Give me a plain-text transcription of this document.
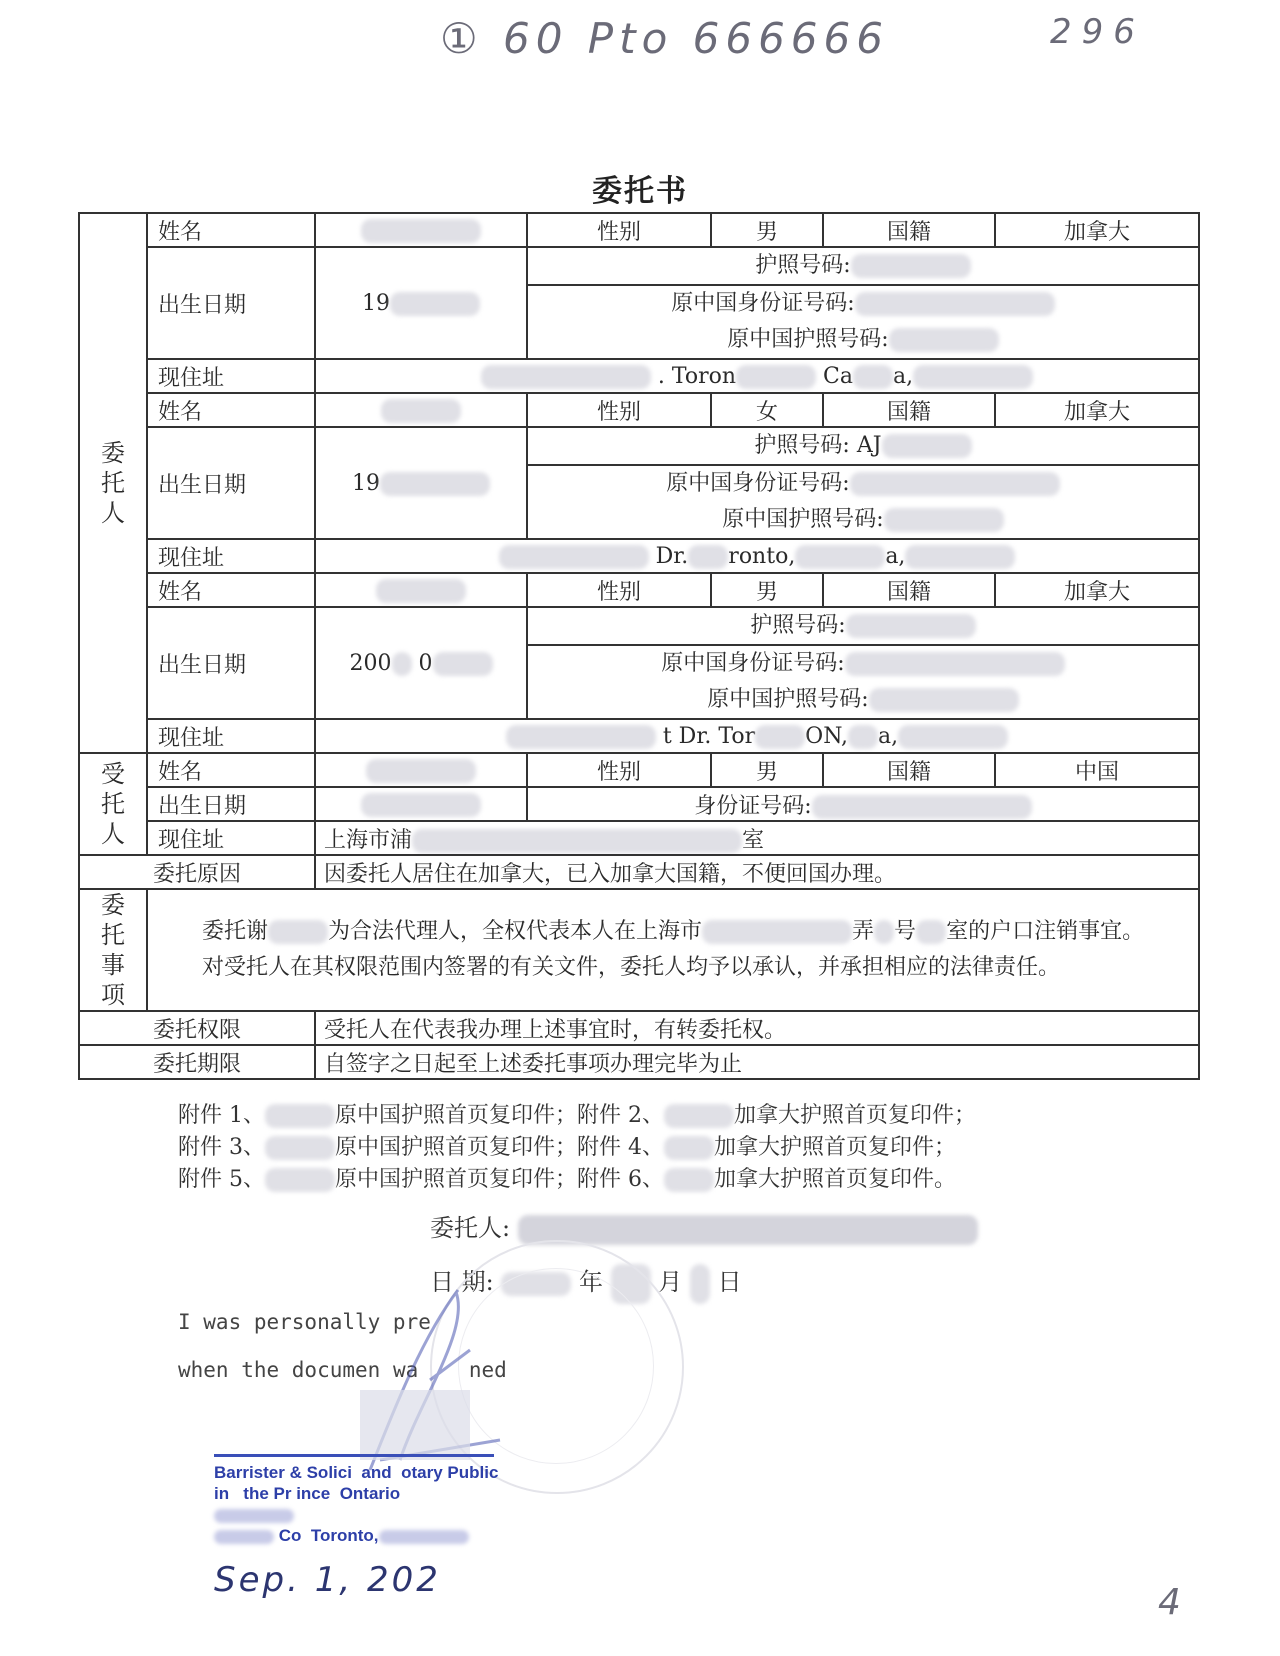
① 60 Pto 666666	296
委托书
委托人	姓名		性别	男	国籍	加拿大
	出生日期	19	护照号码:			
			原中国身份证号码:			
			原中国护照号码:			
	现住址	. Toron Ca a,				
	姓名		性别	女	国籍	加拿大
	出生日期	19	护照号码: AJ			
			原中国身份证号码:			
			原中国护照号码:			
	现住址	Dr. ronto, a,				
	姓名		性别	男	国籍	加拿大
	出生日期	200 0	护照号码:			
			原中国身份证号码:			
			原中国护照号码:			
	现住址	t Dr. Tor ON, a,				

受托人	姓名		性别	男	国籍	中国
	出生日期		身份证号码:			
	现住址	上海市浦 室				
委托原因		因委托人居住在加拿大，已入加拿大国籍，不便回国办理。				

委托事项	委托谢 为合法代理人，全权代表本人在上海市 弄 号 室的户口注销事宜。

对受托人在其权限范围内签署的有关文件，委托人均予以承认，并承担相应的法律责任。					

委托权限		受托人在代表我办理上述事宜时，有转委托权。				
委托期限		自签字之日起至上述委托事项办理完毕为止				
附件 1、	原中国护照首页复印件；附件 2、	加拿大护照首页复印件；
附件 3、	原中国护照首页复印件；附件 4、 加拿大护照首页复印件；
附件 5、	原中国护照首页复印件；附件 6、 加拿大护照首页复印件。
委托人:
日 期:	年 月 日
I was personally pre
when the documen wa ned
Barrister & Solici and otary Public
in the Pr ince Ontario
Co Toronto,
Sep. 1, 202
4
